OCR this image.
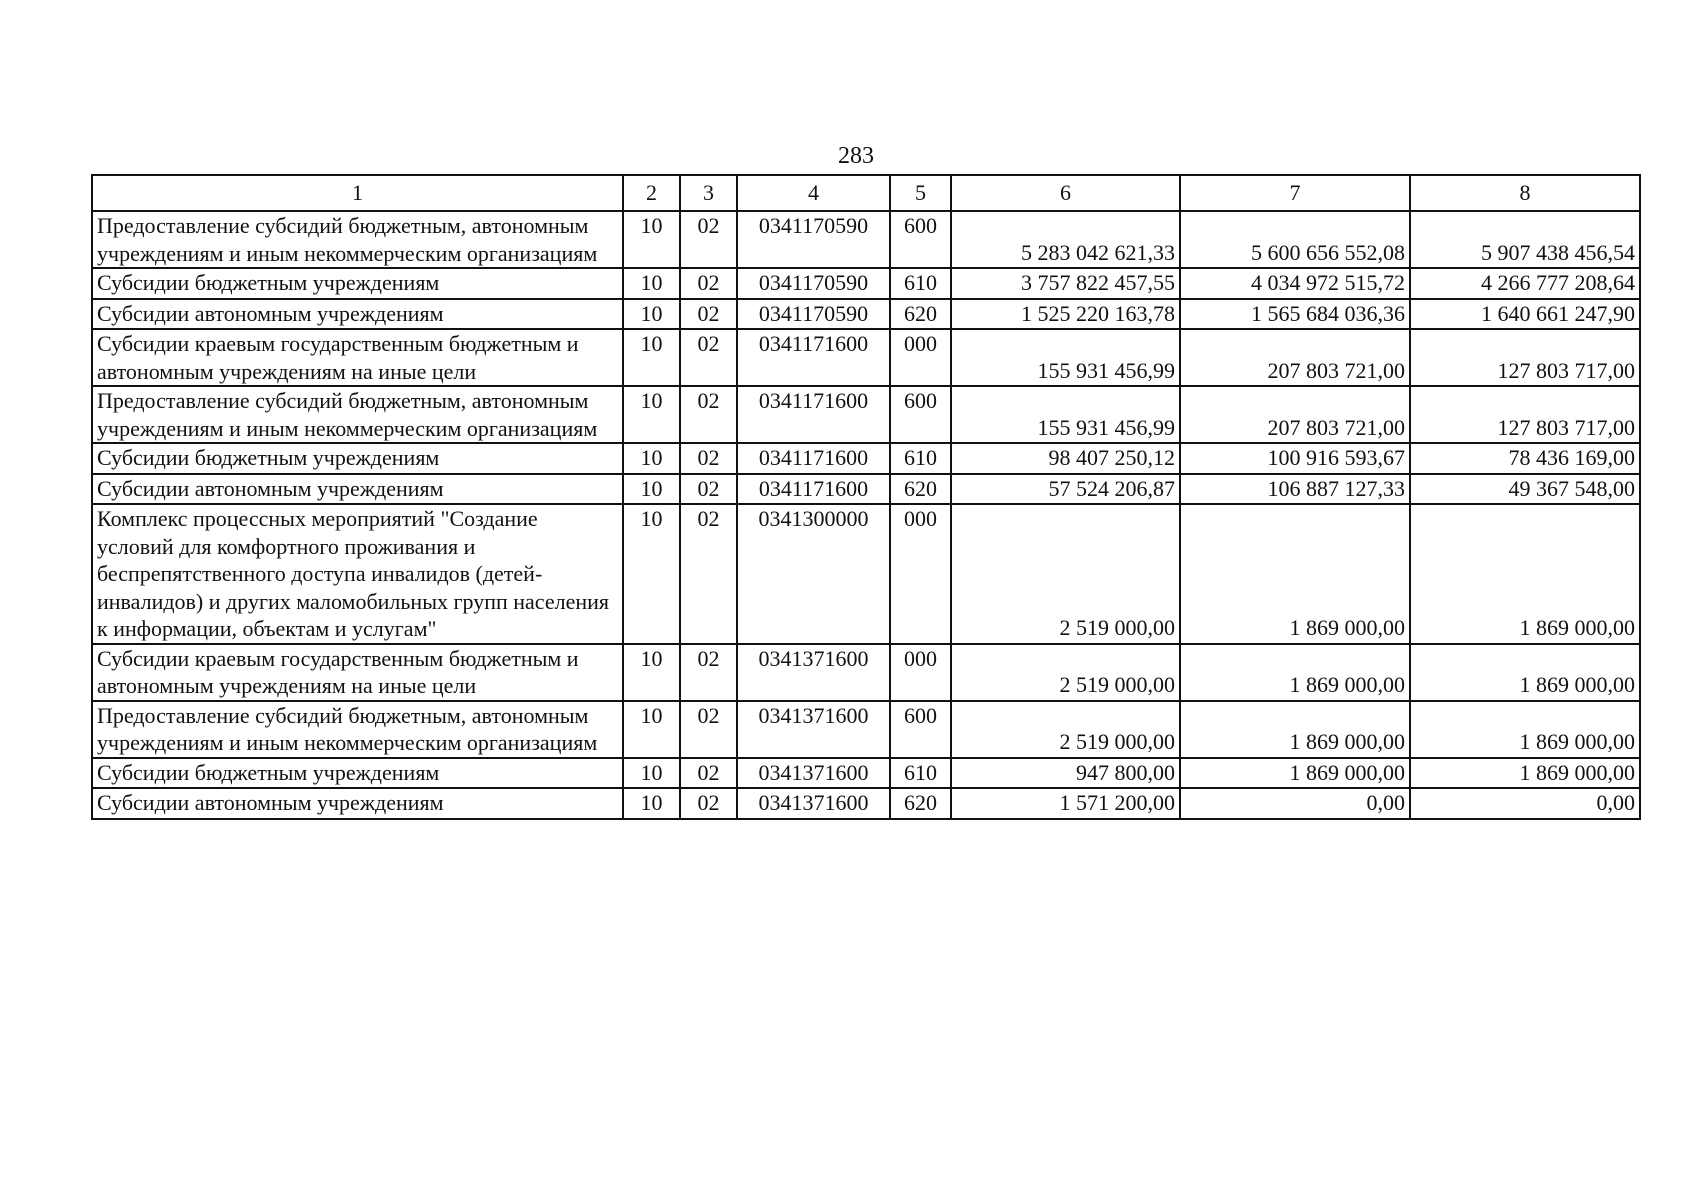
283
1	2	3	4	5	6	7	8
Предоставление субсидий бюджетным, автономным учреждениям и иным некоммерческим организациям	10	02	0341170590	600	5 283 042 621,33	5 600 656 552,08	5 907 438 456,54
Субсидии бюджетным учреждениям	10	02	0341170590	610	3 757 822 457,55	4 034 972 515,72	4 266 777 208,64
Субсидии автономным учреждениям	10	02	0341170590	620	1 525 220 163,78	1 565 684 036,36	1 640 661 247,90
Субсидии краевым государственным бюджетным и автономным учреждениям на иные цели	10	02	0341171600	000	155 931 456,99	207 803 721,00	127 803 717,00
Предоставление субсидий бюджетным, автономным учреждениям и иным некоммерческим организациям	10	02	0341171600	600	155 931 456,99	207 803 721,00	127 803 717,00
Субсидии бюджетным учреждениям	10	02	0341171600	610	98 407 250,12	100 916 593,67	78 436 169,00
Субсидии автономным учреждениям	10	02	0341171600	620	57 524 206,87	106 887 127,33	49 367 548,00
Комплекс процессных мероприятий "Создание условий для комфортного проживания и беспрепятственного доступа инвалидов (детей-инвалидов) и других маломобильных групп населения к информации, объектам и услугам"	10	02	0341300000	000	2 519 000,00	1 869 000,00	1 869 000,00
Субсидии краевым государственным бюджетным и автономным учреждениям на иные цели	10	02	0341371600	000	2 519 000,00	1 869 000,00	1 869 000,00
Предоставление субсидий бюджетным, автономным учреждениям и иным некоммерческим организациям	10	02	0341371600	600	2 519 000,00	1 869 000,00	1 869 000,00
Субсидии бюджетным учреждениям	10	02	0341371600	610	947 800,00	1 869 000,00	1 869 000,00
Субсидии автономным учреждениям	10	02	0341371600	620	1 571 200,00	0,00	0,00
